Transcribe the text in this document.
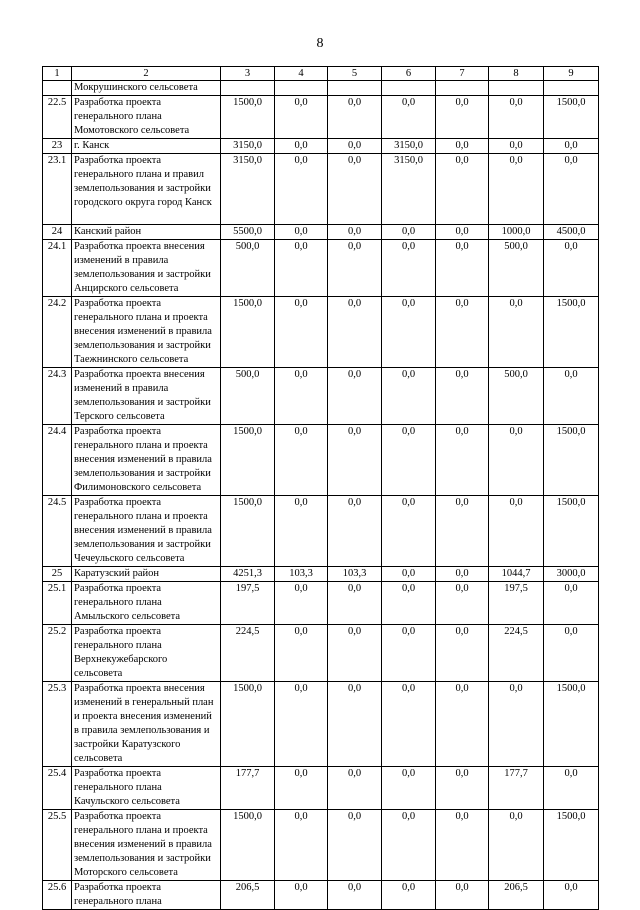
8
1	2	3	4	5	6	7	8	9
	Мокрушинского сельсовета							
22.5	Разработка проекта генерального плана Момотовского сельсовета	1500,0	0,0	0,0	0,0	0,0	0,0	1500,0
23	г. Канск	3150,0	0,0	0,0	3150,0	0,0	0,0	0,0
23.1	Разработка проекта генерального плана и правил землепользования и застройки городского округа город Канск	3150,0	0,0	0,0	3150,0	0,0	0,0	0,0
24	Канский район	5500,0	0,0	0,0	0,0	0,0	1000,0	4500,0
24.1	Разработка проекта внесения изменений в правила землепользования и застройки Анцирского сельсовета	500,0	0,0	0,0	0,0	0,0	500,0	0,0
24.2	Разработка проекта генерального плана и проекта внесения изменений в правила землепользования и застройки Таежнинского сельсовета	1500,0	0,0	0,0	0,0	0,0	0,0	1500,0
24.3	Разработка проекта внесения изменений в правила землепользования и застройки Терского сельсовета	500,0	0,0	0,0	0,0	0,0	500,0	0,0
24.4	Разработка проекта генерального плана и проекта внесения изменений в правила землепользования и застройки Филимоновского сельсовета	1500,0	0,0	0,0	0,0	0,0	0,0	1500,0
24.5	Разработка проекта генерального плана и проекта внесения изменений в правила землепользования и застройки Чечеульского сельсовета	1500,0	0,0	0,0	0,0	0,0	0,0	1500,0
25	Каратузский район	4251,3	103,3	103,3	0,0	0,0	1044,7	3000,0
25.1	Разработка проекта генерального плана Амыльского сельсовета	197,5	0,0	0,0	0,0	0,0	197,5	0,0
25.2	Разработка проекта генерального плана Верхнекужебарского сельсовета	224,5	0,0	0,0	0,0	0,0	224,5	0,0
25.3	Разработка проекта внесения изменений в генеральный план и проекта внесения изменений в правила землепользования и застройки Каратузского сельсовета	1500,0	0,0	0,0	0,0	0,0	0,0	1500,0
25.4	Разработка проекта генерального плана Качульского сельсовета	177,7	0,0	0,0	0,0	0,0	177,7	0,0
25.5	Разработка проекта генерального плана и проекта внесения изменений в правила землепользования и застройки Моторского сельсовета	1500,0	0,0	0,0	0,0	0,0	0,0	1500,0
25.6	Разработка проекта генерального плана	206,5	0,0	0,0	0,0	0,0	206,5	0,0
